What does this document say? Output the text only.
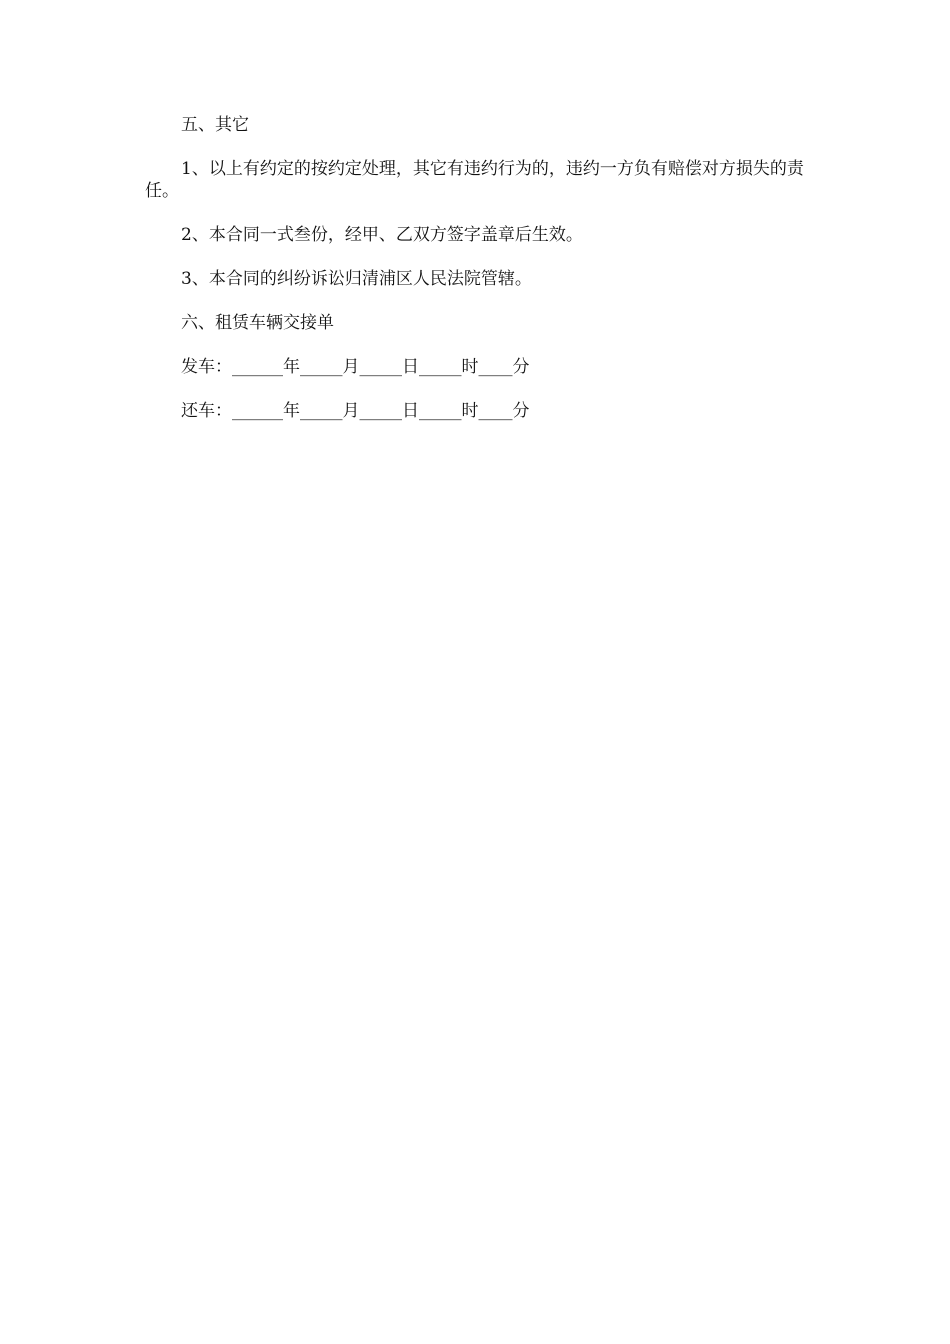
五、其它

1、以上有约定的按约定处理，其它有违约行为的，违约一方负有赔偿对方损失的责任。

2、本合同一式叁份，经甲、乙双方签字盖章后生效。

3、本合同的纠纷诉讼归清浦区人民法院管辖。

六、租赁车辆交接单

发车：______年_____月_____日_____时____分

还车：______年_____月_____日_____时____分
